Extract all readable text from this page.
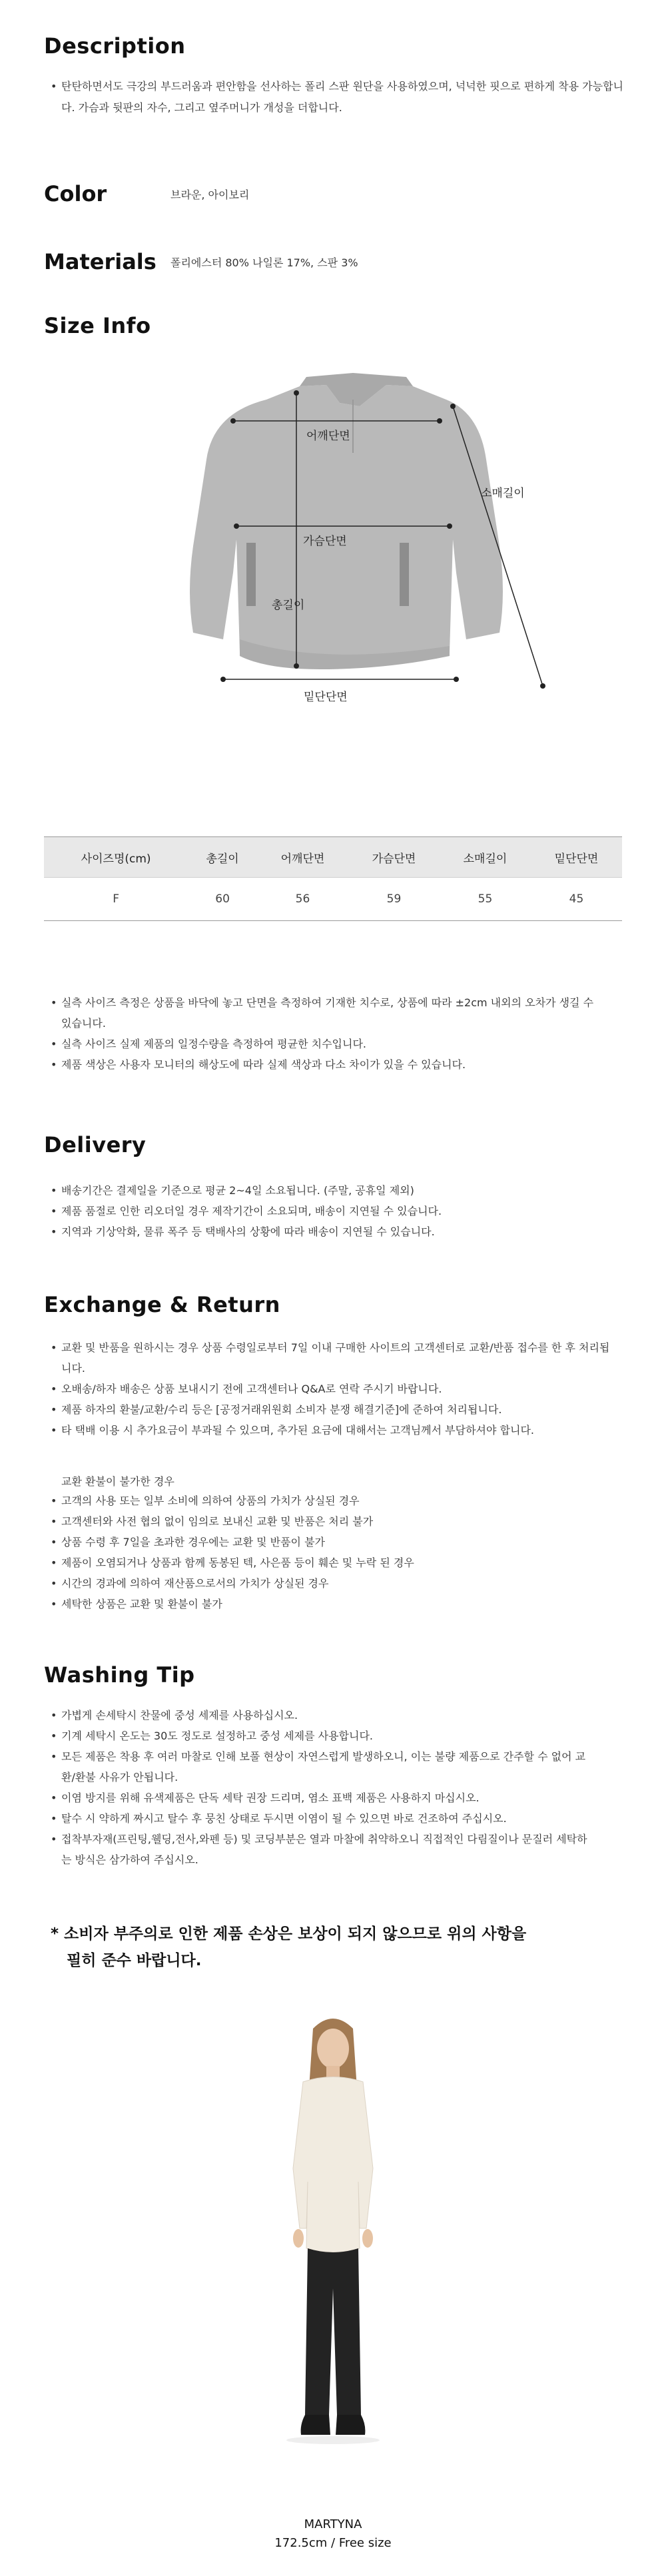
Description
• 탄탄하면서도 극강의 부드러움과 편안함을 선사하는 폴리 스판 원단을 사용하였으며, 넉넉한 핏으로 편하게 착용 가능합니다. 가슴과 뒷판의 자수, 그리고 옆주머니가 개성을 더합니다.
Color	브라운, 아이보리
Materials	폴리에스터 80% 나일론 17%, 스판 3%
Size Info
어깨단면
가슴단면
총길이
소매길이
밑단단면
사이즈명(cm)	총길이	어깨단면	가슴단면	소매길이	밑단단면
F	60	56	59	55	45
• 실측 사이즈 측정은 상품을 바닥에 놓고 단면을 측정하여 기재한 치수로, 상품에 따라 ±2cm 내외의 오차가 생길 수 있습니다.
• 실측 사이즈 실제 제품의 일정수량을 측정하여 평균한 치수입니다.
• 제품 색상은 사용자 모니터의 해상도에 따라 실제 색상과 다소 차이가 있을 수 있습니다.
Delivery
• 배송기간은 결제일을 기준으로 평균 2~4일 소요됩니다. (주말, 공휴일 제외)
• 제품 품절로 인한 리오더일 경우 제작기간이 소요되며, 배송이 지연될 수 있습니다.
• 지역과 기상악화, 물류 폭주 등 택배사의 상황에 따라 배송이 지연될 수 있습니다.
Exchange & Return
• 교환 및 반품을 원하시는 경우 상품 수령일로부터 7일 이내 구매한 사이트의 고객센터로 교환/반품 접수를 한 후 처리됩니다.
• 오배송/하자 배송은 상품 보내시기 전에 고객센터나 Q&A로 연락 주시기 바랍니다.
• 제품 하자의 환불/교환/수리 등은 [공정거래위원회 소비자 분쟁 해결기준]에 준하여 처리됩니다.
• 타 택배 이용 시 추가요금이 부과될 수 있으며, 추가된 요금에 대해서는 고객님께서 부담하셔야 합니다.
교환 환불이 불가한 경우
• 고객의 사용 또는 일부 소비에 의하여 상품의 가치가 상실된 경우
• 고객센터와 사전 협의 없이 임의로 보내신 교환 및 반품은 처리 불가
• 상품 수령 후 7일을 초과한 경우에는 교환 및 반품이 불가
• 제품이 오염되거나 상품과 함께 동봉된 텍, 사은품 등이 훼손 및 누락 된 경우
• 시간의 경과에 의하여 재산품으로서의 가치가 상실된 경우
• 세탁한 상품은 교환 및 환불이 불가
Washing Tip
• 가볍게 손세탁시 찬물에 중성 세제를 사용하십시오.
• 기계 세탁시 온도는 30도 정도로 설정하고 중성 세제를 사용합니다.
• 모든 제품은 착용 후 여러 마찰로 인해 보풀 현상이 자연스럽게 발생하오니, 이는 불량 제품으로 간주할 수 없어 교환/환불 사유가 안됩니다.
• 이염 방지를 위해 유색제품은 단독 세탁 권장 드리며, 염소 표백 제품은 사용하지 마십시오.
• 탈수 시 약하게 짜시고 탈수 후 뭉친 상태로 두시면 이염이 될 수 있으면 바로 건조하여 주십시오.
• 접착부자재(프린팅,웰딩,전사,와펜 등) 및 코딩부분은 열과 마찰에 취약하오니 직접적인 다림질이나 문질러 세탁하는 방식은 삼가하여 주십시오.
* 소비자 부주의로 인한 제품 손상은 보상이 되지 않으므로 위의 사항을
필히 준수 바랍니다.
MARTYNA
172.5cm / Free size
